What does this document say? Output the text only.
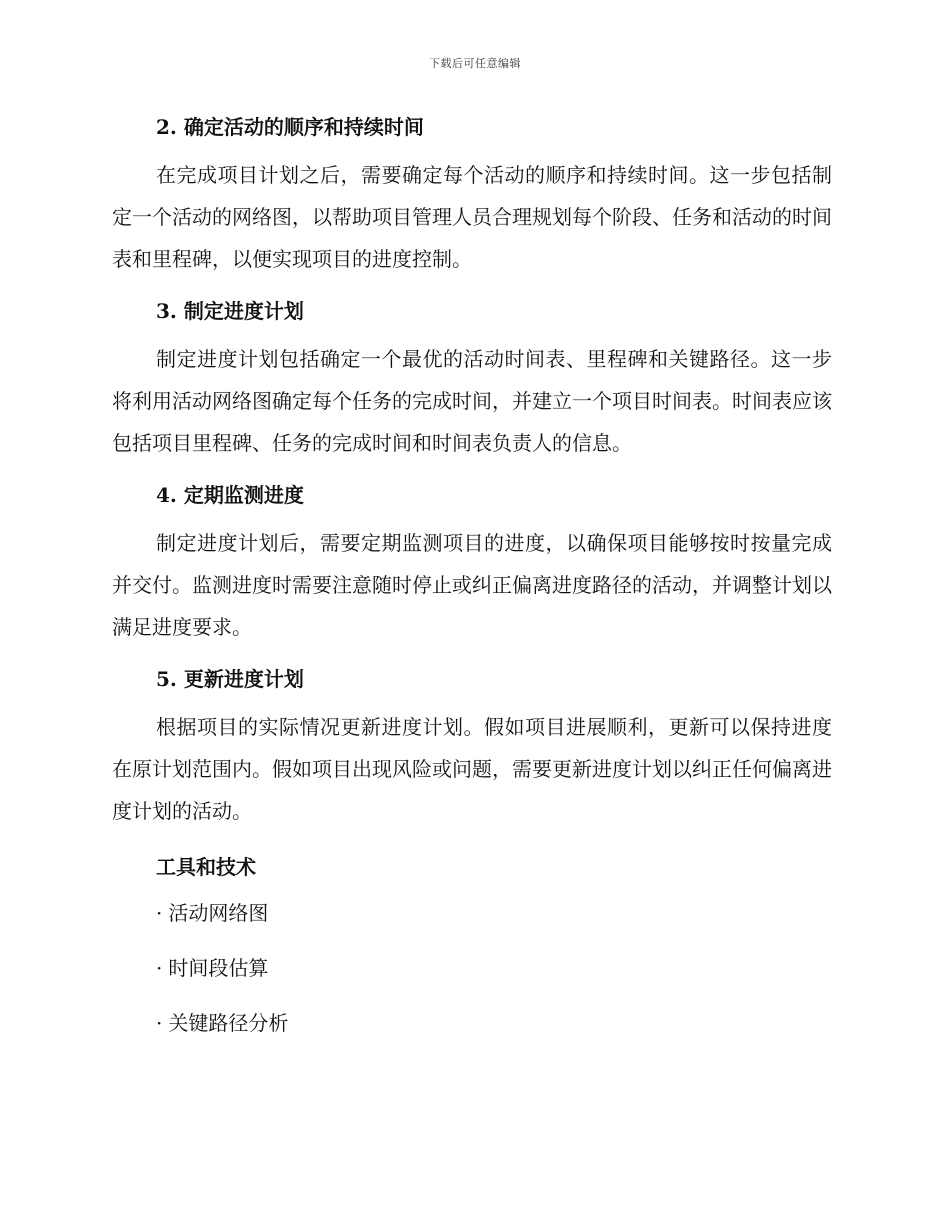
下载后可任意编辑
2. 确定活动的顺序和持续时间

在完成项目计划之后，需要确定每个活动的顺序和持续时间。这一步包括制定一个活动的网络图，以帮助项目管理人员合理规划每个阶段、任务和活动的时间表和里程碑，以便实现项目的进度控制。

3. 制定进度计划

制定进度计划包括确定一个最优的活动时间表、里程碑和关键路径。这一步将利用活动网络图确定每个任务的完成时间，并建立一个项目时间表。时间表应该包括项目里程碑、任务的完成时间和时间表负责人的信息。

4. 定期监测进度

制定进度计划后，需要定期监测项目的进度，以确保项目能够按时按量完成并交付。监测进度时需要注意随时停止或纠正偏离进度路径的活动，并调整计划以满足进度要求。

5. 更新进度计划

根据项目的实际情况更新进度计划。假如项目进展顺利，更新可以保持进度在原计划范围内。假如项目出现风险或问题，需要更新进度计划以纠正任何偏离进度计划的活动。

工具和技术
· 活动网络图
· 时间段估算
· 关键路径分析
